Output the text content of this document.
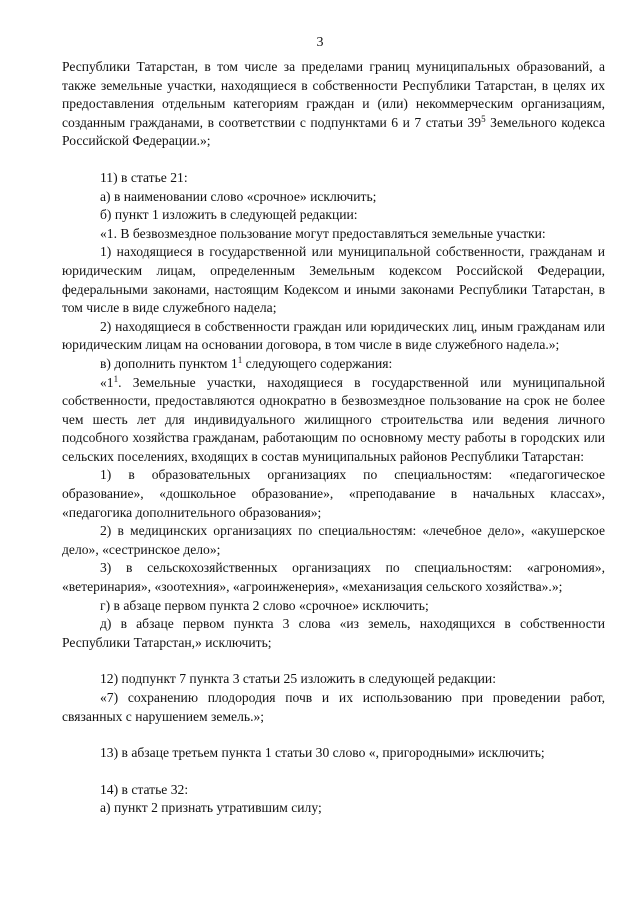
3

Республики Татарстан, в том числе за пределами границ муниципальных образований, а также земельные участки, находящиеся в собственности Республики Татарстан, в целях их предоставления отдельным категориям граждан и (или) некоммерческим организациям, созданным гражданами, в соответствии с подпунктами 6 и 7 статьи $39^5$ Земельного кодекса Российской Федерации.»;

11) в статье 21:

а) в наименовании слово «срочное» исключить;

б) пункт 1 изложить в следующей редакции:

«1. В безвозмездное пользование могут предоставляться земельные участки:

1) находящиеся в государственной или муниципальной собственности, гражданам и юридическим лицам, определенным Земельным кодексом Российской Федерации, федеральными законами, настоящим Кодексом и иными законами Республики Татарстан, в том числе в виде служебного надела;

2) находящиеся в собственности граждан или юридических лиц, иным гражданам или юридическим лицам на основании договора, в том числе в виде служебного надела.»;

в) дополнить пунктом $1^1$ следующего содержания:

«$1^1$. Земельные участки, находящиеся в государственной или муниципальной собственности, предоставляются однократно в безвозмездное пользование на срок не более чем шесть лет для индивидуального жилищного строительства или ведения личного подсобного хозяйства гражданам, работающим по основному месту работы в городских или сельских поселениях, входящих в состав муниципальных районов Республики Татарстан:

1) в образовательных организациях по специальностям: «педагогическое образование», «дошкольное образование», «преподавание в начальных классах», «педагогика дополнительного образования»;

2) в медицинских организациях по специальностям: «лечебное дело», «акушерское дело», «сестринское дело»;

3) в сельскохозяйственных организациях по специальностям: «агрономия», «ветеринария», «зоотехния», «агроинженерия», «механизация сельского хозяйства».»;

г) в абзаце первом пункта 2 слово «срочное» исключить;

д) в абзаце первом пункта 3 слова «из земель, находящихся в собственности Республики Татарстан,» исключить;

12) подпункт 7 пункта 3 статьи 25 изложить в следующей редакции:

«7) сохранению плодородия почв и их использованию при проведении работ, связанных с нарушением земель.»;

13) в абзаце третьем пункта 1 статьи 30 слово «, пригородными» исключить;

14) в статье 32:

а) пункт 2 признать утратившим силу;
